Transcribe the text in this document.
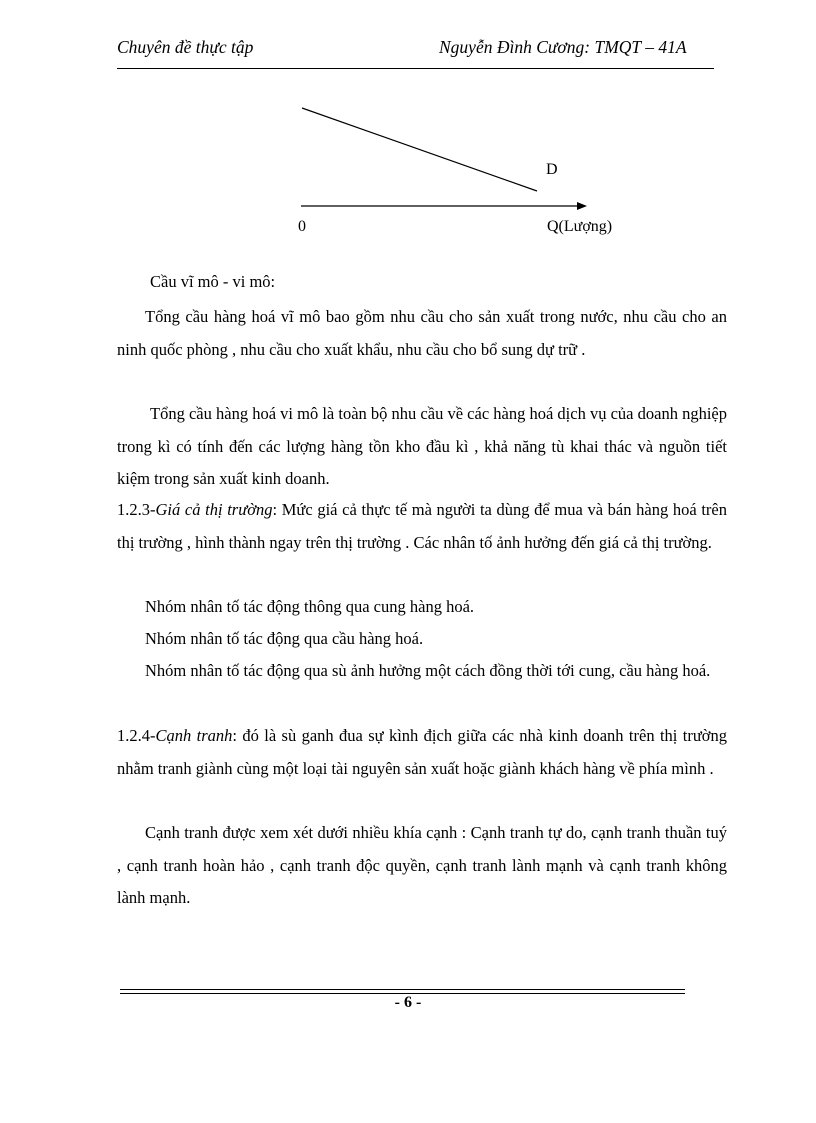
Chuyên đề thực tập	Nguyễn Đình Cương: TMQT – 41A
D
0	Q(Lượng)
Cầu vĩ mô - vi mô:
Tổng cầu hàng hoá vĩ mô bao gồm nhu cầu cho sản xuất trong nước, nhu cầu cho an ninh quốc phòng , nhu cầu cho xuất khẩu, nhu cầu cho bổ sung dự trữ .
Tổng cầu hàng hoá vi mô là toàn bộ nhu cầu về các hàng hoá dịch vụ của doanh nghiệp trong kì có tính đến các lượng hàng tồn kho đầu kì , khả năng tù khai thác và nguồn tiết kiệm trong sản xuất kinh doanh.
1.2.3-Giá cả thị trường: Mức giá cả thực tế mà người ta dùng để mua và bán hàng hoá trên thị trường , hình thành ngay trên thị trường . Các nhân tố ảnh hưởng đến giá cả thị trường.
Nhóm nhân tố tác động thông qua cung hàng hoá.
Nhóm nhân tố tác động qua cầu hàng hoá.
Nhóm nhân tố tác động qua sù ảnh hưởng một cách đồng thời tới cung, cầu hàng hoá.
1.2.4-Cạnh tranh: đó là sù ganh đua sự kình địch giữa các nhà kinh doanh trên thị trường nhằm tranh giành cùng một loại tài nguyên sản xuất hoặc giành khách hàng về phía mình .
Cạnh tranh được xem xét dưới nhiều khía cạnh : Cạnh tranh tự do, cạnh tranh thuần tuý , cạnh tranh hoàn hảo , cạnh tranh độc quyền, cạnh tranh lành mạnh và cạnh tranh không lành mạnh.
- 6 -
